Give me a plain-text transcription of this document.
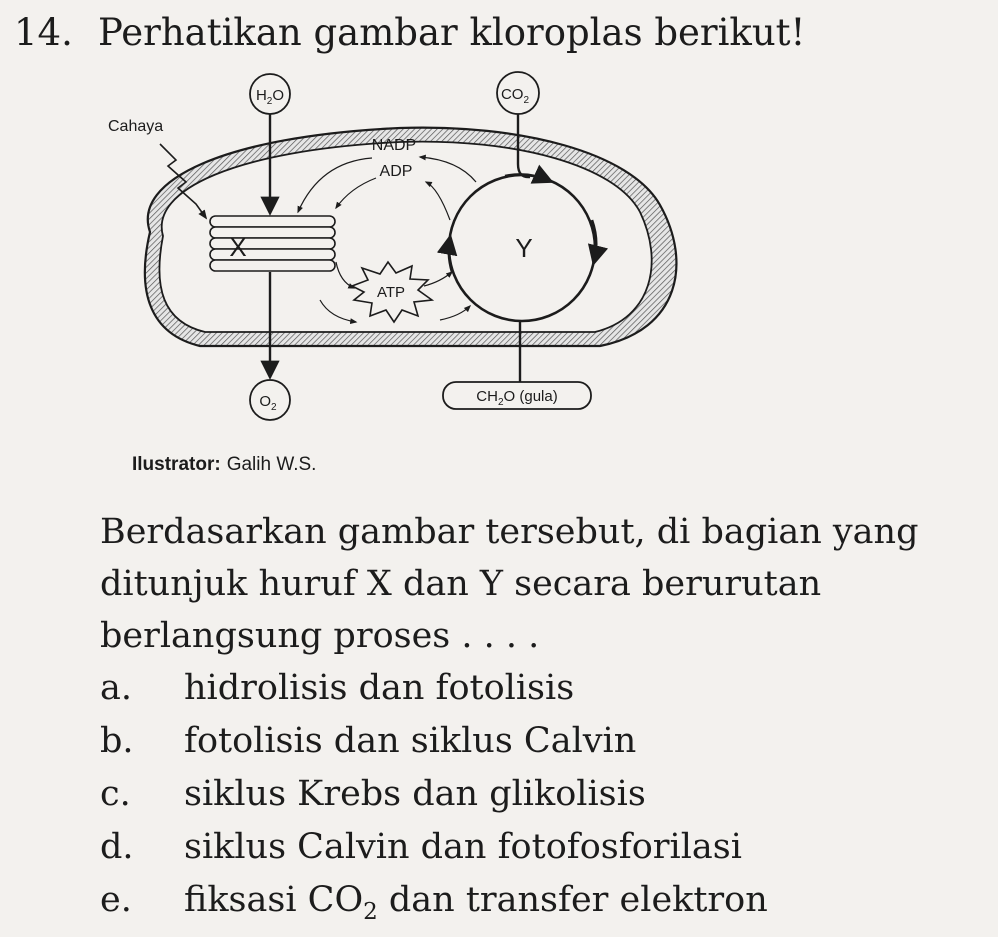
14. Perhatikan gambar kloroplas berikut!
X
$H_2O$
$O_2$
Cahaya
Y
$CO_2$
$CH_2O$ (gula)
NADP
ADP
ATP
Ilustrator: Galih W.S.
Berdasarkan gambar tersebut, di bagian yang ditunjuk huruf X dan Y secara berurutan berlangsung proses . . . .
a. hidrolisis dan fotolisis
b. fotolisis dan siklus Calvin
c. siklus Krebs dan glikolisis
d. siklus Calvin dan fotofosforilasi
e. fiksasi $CO_2$ dan transfer elektron
